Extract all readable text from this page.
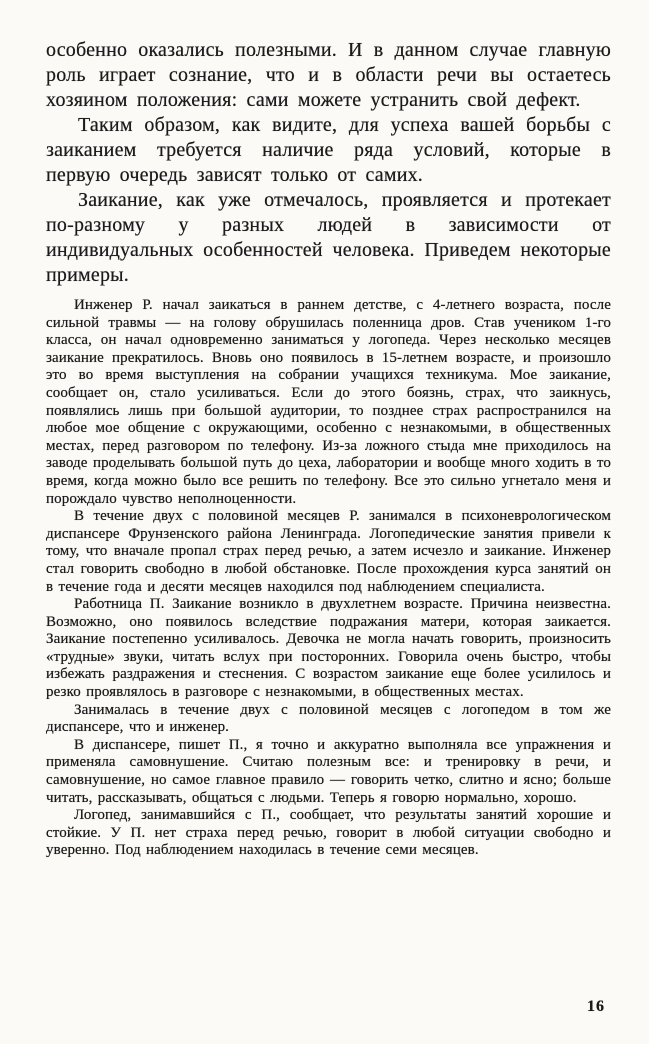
особенно оказались полезными. И в данном случае главную роль играет сознание, что и в области речи вы остаетесь хозяином положения: сами можете устранить свой дефект.

Таким образом, как видите, для успеха вашей борьбы с заиканием требуется наличие ряда условий, которые в первую очередь зависят только от самих.

Заикание, как уже отмечалось, проявляется и протекает по-разному у разных людей в зависимости от индивидуальных особенностей человека. Приведем некоторые примеры.

Инженер Р. начал заикаться в раннем детстве, с 4-летнего возраста, после сильной травмы — на голову обрушилась поленница дров. Став учеником 1-го класса, он начал одновременно заниматься у логопеда. Через несколько месяцев заикание прекратилось. Вновь оно появилось в 15-летнем возрасте, и произошло это во время выступления на собрании учащихся техникума. Мое заикание, сообщает он, стало усиливаться. Если до этого боязнь, страх, что заикнусь, появлялись лишь при большой аудитории, то позднее страх распространился на любое мое общение с окружающими, особенно с незнакомыми, в общественных местах, перед разговором по телефону. Из-за ложного стыда мне приходилось на заводе проделывать большой путь до цеха, лаборатории и вообще много ходить в то время, когда можно было все решить по телефону. Все это сильно угнетало меня и порождало чувство неполноценности.

В течение двух с половиной месяцев Р. занимался в психоневрологическом диспансере Фрунзенского района Ленинграда. Логопедические занятия привели к тому, что вначале пропал страх перед речью, а затем исчезло и заикание. Инженер стал говорить свободно в любой обстановке. После прохождения курса занятий он в течение года и десяти месяцев находился под наблюдением специалиста.

Работница П. Заикание возникло в двухлетнем возрасте. Причина неизвестна. Возможно, оно появилось вследствие подражания матери, которая заикается. Заикание постепенно усиливалось. Девочка не могла начать говорить, произносить «трудные» звуки, читать вслух при посторонних. Говорила очень быстро, чтобы избежать раздражения и стеснения. С возрастом заикание еще более усилилось и резко проявлялось в разговоре с незнакомыми, в общественных местах.

Занималась в течение двух с половиной месяцев с логопедом в том же диспансере, что и инженер.

В диспансере, пишет П., я точно и аккуратно выполняла все упражнения и применяла самовнушение. Считаю полезным все: и тренировку в речи, и самовнушение, но самое главное правило — говорить четко, слитно и ясно; больше читать, рассказывать, общаться с людьми. Теперь я говорю нормально, хорошо.

Логопед, занимавшийся с П., сообщает, что результаты занятий хорошие и стойкие. У П. нет страха перед речью, говорит в любой ситуации свободно и уверенно. Под наблюдением находилась в течение семи месяцев.

16
